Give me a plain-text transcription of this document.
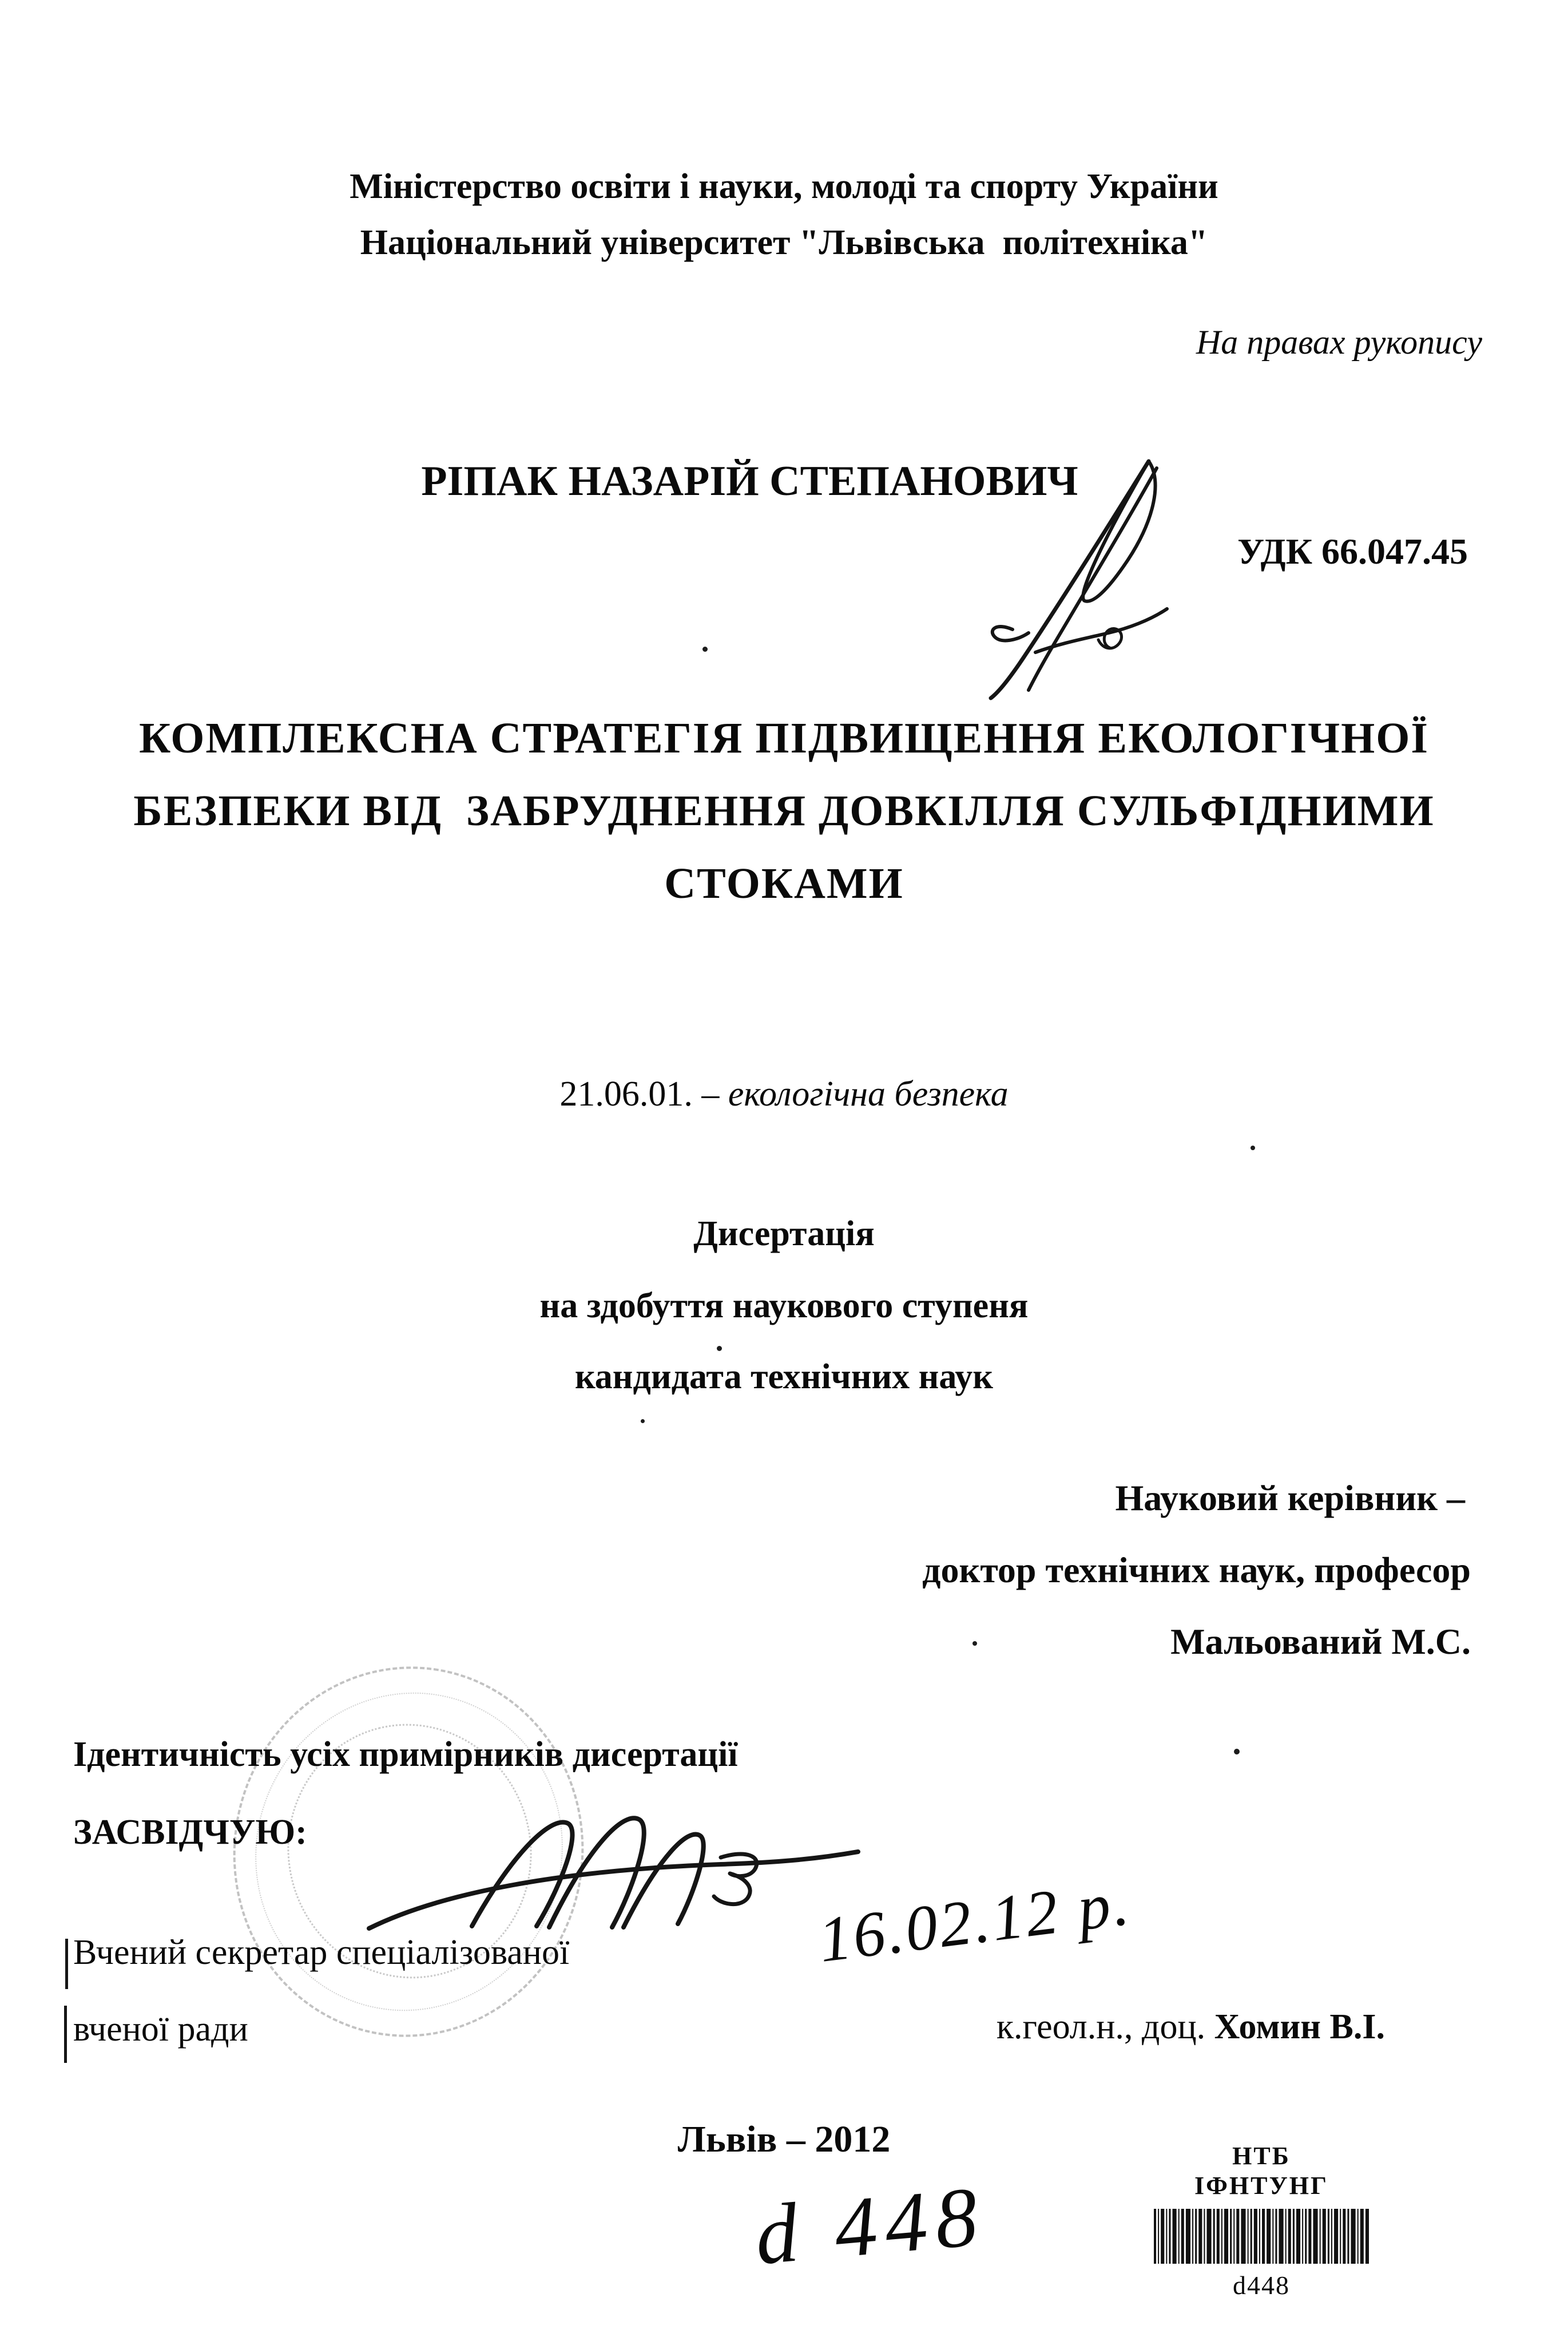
Міністерство освіти і науки, молоді та спорту України
Національний університет "Львівська  політехніка"
На правах рукопису
РІПАК НАЗАРІЙ СТЕПАНОВИЧ
УДК 66.047.45
КОМПЛЕКСНА СТРАТЕГІЯ ПІДВИЩЕННЯ ЕКОЛОГІЧНОЇ
БЕЗПЕКИ ВІД  ЗАБРУДНЕННЯ ДОВКІЛЛЯ СУЛЬФІДНИМИ
СТОКАМИ
21.06.01. – екологічна безпека
Дисертація
на здобуття наукового ступеня
кандидата технічних наук
Науковий керівник –
доктор технічних наук, професор
Мальований М.С.
Ідентичність усіх примірників дисертації
ЗАСВІДЧУЮ:
16.02.12 р.
Вчений секретар спеціалізованої
вченої ради	к.геол.н., доц. Хомин В.І.
Львів – 2012
d 448
НТБ
ІФНТУНГ
d448
